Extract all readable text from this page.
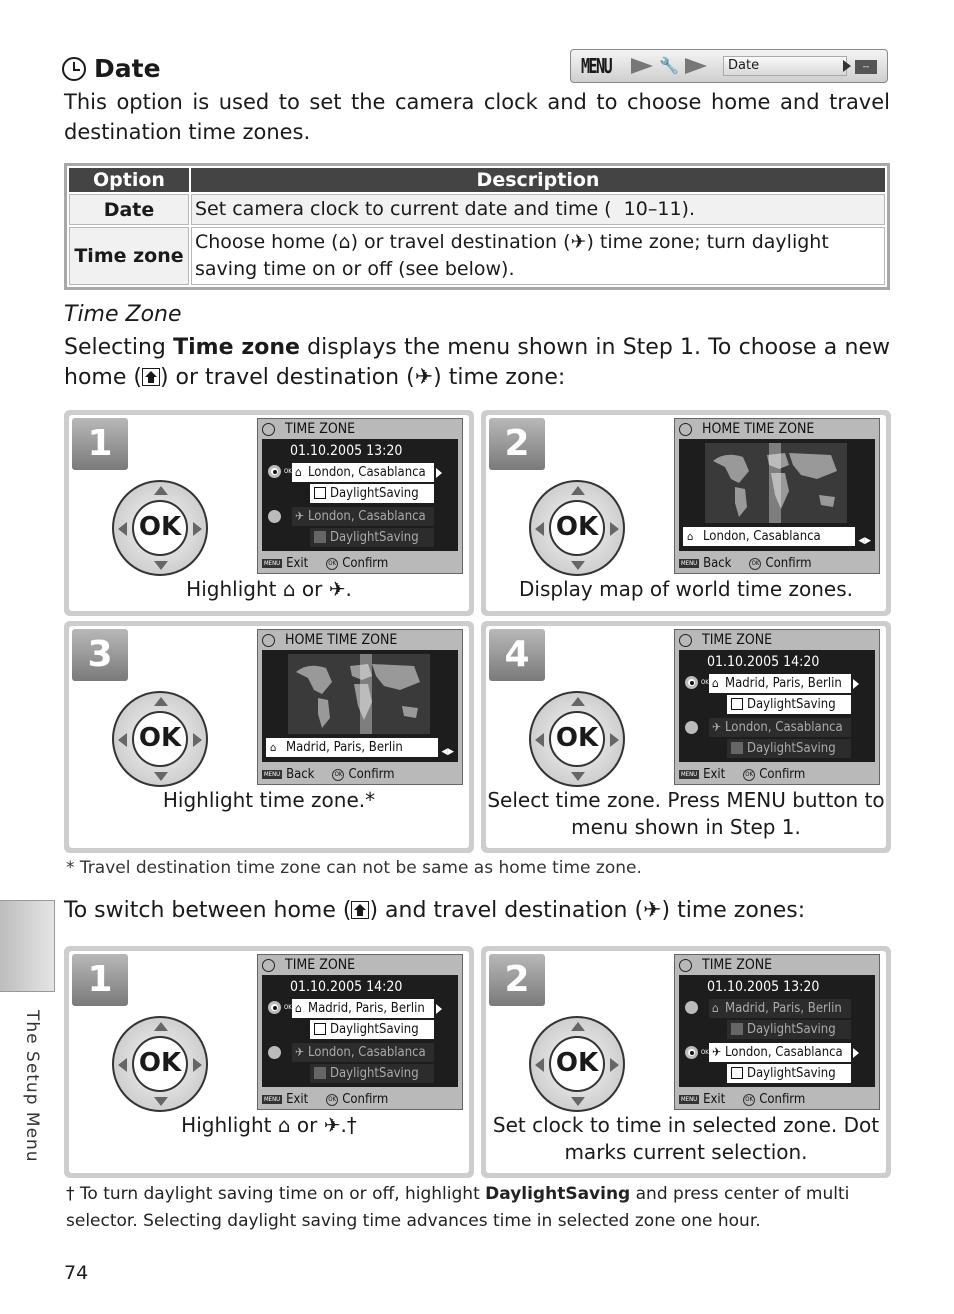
Date	MENU	🔧	Date	--
This option is used to set the camera clock and to choose home and travel destination time zones.
Option	Description
Date	Set camera clock to current date and time (  10–11).
Time zone	Choose home (⌂) or travel destination (✈) time zone; turn daylight saving time on or off (see below).
Time Zone
Selecting Time zone displays the menu shown in Step 1. To choose a new home ( ) or travel destination (✈) time zone:
1
OK
TIME ZONE
01.10.2005 13:20
OK ⌂ London, Casablanca
DaylightSaving
✈ London, Casablanca
DaylightSaving
MENU Exit	OK Confirm
Highlight ⌂ or ✈.
2
OK
HOME TIME ZONE
⌂ London, Casablanca	◀▶
MENU Back	OK Confirm
Display map of world time zones.
3
OK
HOME TIME ZONE
⌂ Madrid, Paris, Berlin	◀▶
MENU Back	OK Confirm
Highlight time zone.*
4
OK
TIME ZONE
01.10.2005 14:20
OK ⌂ Madrid, Paris, Berlin
DaylightSaving
✈ London, Casablanca
DaylightSaving
MENU Exit	OK Confirm
Select time zone. Press MENU button to menu shown in Step 1.
* Travel destination time zone can not be same as home time zone.
To switch between home ( ) and travel destination (✈) time zones:
1
OK
TIME ZONE
01.10.2005 14:20
OK ⌂ Madrid, Paris, Berlin
DaylightSaving
✈ London, Casablanca
DaylightSaving
MENU Exit	OK Confirm
Highlight ⌂ or ✈.†
2
OK
TIME ZONE
01.10.2005 13:20
⌂ Madrid, Paris, Berlin
DaylightSaving
OK ✈ London, Casablanca
DaylightSaving
MENU Exit	OK Confirm
Set clock to time in selected zone. Dot marks current selection.
† To turn daylight saving time on or off, highlight DaylightSaving and press center of multi selector. Selecting daylight saving time advances time in selected zone one hour.
The Setup Menu
74
